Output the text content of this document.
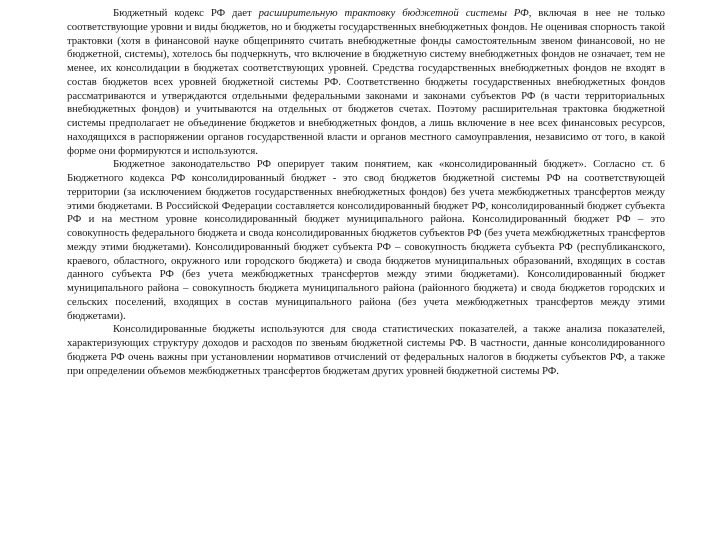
Бюджетный кодекс РФ дает расширительную трактовку бюджетной системы РФ, включая в нее не только соответствующие уровни и виды бюджетов, но и бюджеты государственных внебюджетных фондов. Не оценивая спорность такой трактовки (хотя в финансовой науке общепринято считать внебюджетные фонды самостоятельным звеном финансовой, но не бюджетной, системы), хотелось бы подчеркнуть, что включение в бюджетную систему внебюджетных фондов не означает, тем не менее, их консолидации в бюджетах соответствующих уровней. Средства государственных внебюджетных фондов не входят в состав бюджетов всех уровней бюджетной системы РФ. Соответственно бюджеты государственных внебюджетных фондов рассматриваются и утверждаются отдельными федеральными законами и законами субъектов РФ (в части территориальных внебюджетных фондов) и учитываются на отдельных от бюджетов счетах. Поэтому расширительная трактовка бюджетной системы предполагает не объединение бюджетов и внебюджетных фондов, а лишь включение в нее всех финансовых ресурсов, находящихся в распоряжении органов государственной власти и органов местного самоуправления, независимо от того, в какой форме они формируются и используются.

Бюджетное законодательство РФ оперирует таким понятием, как «консолидированный бюджет». Согласно ст. 6 Бюджетного кодекса РФ консолидированный бюджет - это свод бюджетов бюджетной системы РФ на соответствующей территории (за исключением бюджетов государственных внебюджетных фондов) без учета межбюджетных трансфертов между этими бюджетами. В Российской Федерации составляется консолидированный бюджет РФ, консолидированный бюджет субъекта РФ и на местном уровне консолидированный бюджет муниципального района. Консолидированный бюджет РФ – это совокупность федерального бюджета и свода консолидированных бюджетов субъектов РФ (без учета межбюджетных трансфертов между этими бюджетами). Консолидированный бюджет субъекта РФ – совокупность бюджета субъекта РФ (республиканского, краевого, областного, окружного или городского бюджета) и свода бюджетов муниципальных образований, входящих в состав данного субъекта РФ (без учета межбюджетных трансфертов между этими бюджетами). Консолидированный бюджет муниципального района – совокупность бюджета муниципального района (районного бюджета) и свода бюджетов городских и сельских поселений, входящих в состав муниципального района (без учета межбюджетных трансфертов между этими бюджетами).

Консолидированные бюджеты используются для свода статистических показателей, а также анализа показателей, характеризующих структуру доходов и расходов по звеньям бюджетной системы РФ. В частности, данные консолидированного бюджета РФ очень важны при установлении нормативов отчислений от федеральных налогов в бюджеты субъектов РФ, а также при определении объемов межбюджетных трансфертов бюджетам других уровней бюджетной системы РФ.
